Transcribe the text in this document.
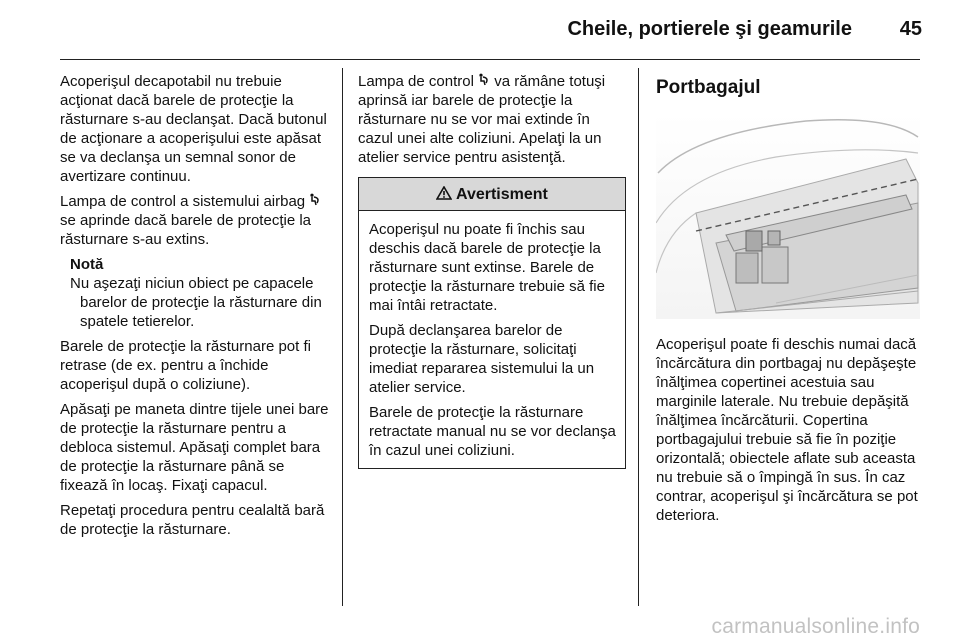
Cheile, portierele şi geamurile 45
Acoperişul decapotabil nu trebuie acţionat dacă barele de protecţie la răsturnare s-au declanşat. Dacă butonul de acţionare a acoperişului este apăsat se va declanşa un semnal sonor de avertizare continuu.
Lampa de control a sistemului airbag  se aprinde dacă barele de protecţie la răsturnare s-au extins.
Notă
Nu aşezaţi niciun obiect pe capacele
barelor de protecţie la răsturnare din spatele tetierelor.
Barele de protecţie la răsturnare pot fi retrase (de ex. pentru a închide acoperişul după o coliziune).
Apăsaţi pe maneta dintre tijele unei bare de protecţie la răsturnare pentru a debloca sistemul. Apăsaţi complet bara de protecţie la răsturnare până se fixează în locaş. Fixaţi capacul.
Repetaţi procedura pentru cealaltă bară de protecţie la răsturnare.
Lampa de control va rămâne totuşi aprinsă iar barele de protecţie la răsturnare nu se vor mai extinde în cazul unei alte coliziuni. Apelaţi la un atelier service pentru asistenţă.
Avertisment
Acoperişul nu poate fi închis sau deschis dacă barele de protecţie la răsturnare sunt extinse. Barele de protecţie la răsturnare trebuie să fie mai întâi retractate.
După declanşarea barelor de protecţie la răsturnare, solicitaţi imediat repararea sistemului la un atelier service.
Barele de protecţie la răsturnare retractate manual nu se vor declanşa în cazul unei coliziuni.
Portbagajul
Acoperişul poate fi deschis numai dacă încărcătura din portbagaj nu depăşeşte înălţimea copertinei acestuia sau marginile laterale. Nu trebuie depăşită înălţimea încărcăturii. Copertina portbagajului trebuie să fie în poziţie orizontală; obiectele aflate sub aceasta nu trebuie să o împingă în sus. În caz contrar, acoperişul şi încărcătura se pot deteriora.
carmanualsonline.info
